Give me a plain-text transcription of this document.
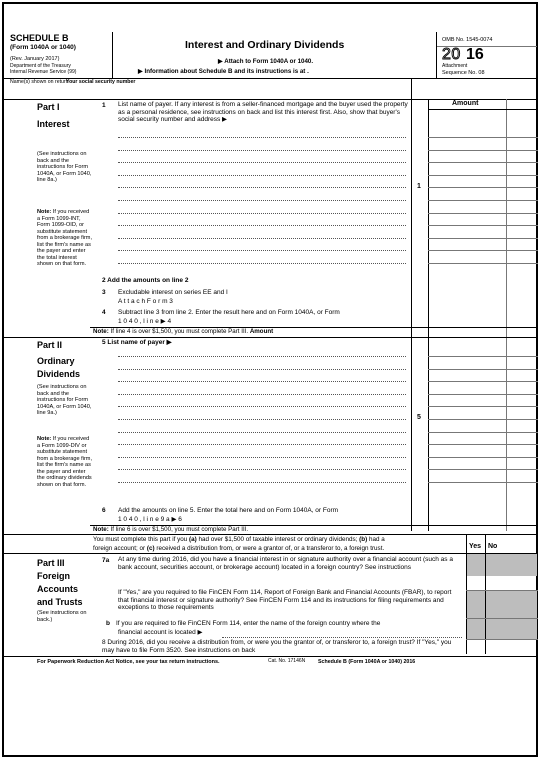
SCHEDULE B
(Form 1040A or 1040)
(Rev. January 2017)
Department of the Treasury
Internal Revenue Service (99)
Interest and Ordinary Dividends
▶ Attach to Form 1040A or 1040.
▶ Information about Schedule B and its instructions is at .
OMB No. 1545-0074
20 16
Attachment
Sequence No. 08
Name(s) shown on return
Your social security number
Part I
Interest
(See instructions on back and the instructions for Form 1040A, or Form 1040, line 8a.)
Note: If you received a Form 1099-INT, Form 1099-OID, or substitute statement from a brokerage firm, list the firm's name as the payer and enter the total interest shown on that form.
1 List name of payer. If any interest is from a seller-financed mortgage and the buyer used the property as a personal residence, see instructions on back and list this interest first. Also, show that buyer's social security number and address ▶
Amount
1
2 Add the amounts on line 2
3 Excludable interest on series EE and I
A t t a c h F o r m 3
4 Subtract line 3 from line 2. Enter the result here and on Form 1040A, or Form
1 0 4 0 , l i n e ▶ 4
Note: If line 4 is over $1,500, you must complete Part III. Amount
Part II
Ordinary
Dividends
(See instructions on back and the instructions for Form 1040A, or Form 1040, line 9a.)
Note: If you received a Form 1099-DIV or substitute statement from a brokerage firm, list the firm's name as the payer and enter the ordinary dividends shown on that form.
5 List name of payer ▶
5
6 Add the amounts on line 5. Enter the total here and on Form 1040A, or Form
1 0 4 0 , l i n e 9 a ▶ 6
Note: If line 6 is over $1,500, you must complete Part III.
You must complete this part if you (a) had over $1,500 of taxable interest or ordinary dividends; (b) had a
foreign account; or (c) received a distribution from, or were a grantor of, or a transferor to, a foreign trust.	Yes No
Part III
Foreign
Accounts
and Trusts
(See instructions on back.)
7a At any time during 2016, did you have a financial interest in or signature authority over a financial account (such as a bank account, securities account, or brokerage account) located in a foreign country? See instructions
If "Yes," are you required to file FinCEN Form 114, Report of Foreign Bank and Financial Accounts (FBAR), to report that financial interest or signature authority? See FinCEN Form 114 and its instructions for filing requirements and exceptions to those requirements
b If you are required to file FinCEN Form 114, enter the name of the foreign country where the
financial account is located ▶
8 During 2016, did you receive a distribution from, or were you the grantor of, or transferor to, a foreign trust? If "Yes," you may have to file Form 3520. See instructions on back
For Paperwork Reduction Act Notice, see your tax return instructions.	Cat. No. 17146N Schedule B (Form 1040A or 1040) 2016
